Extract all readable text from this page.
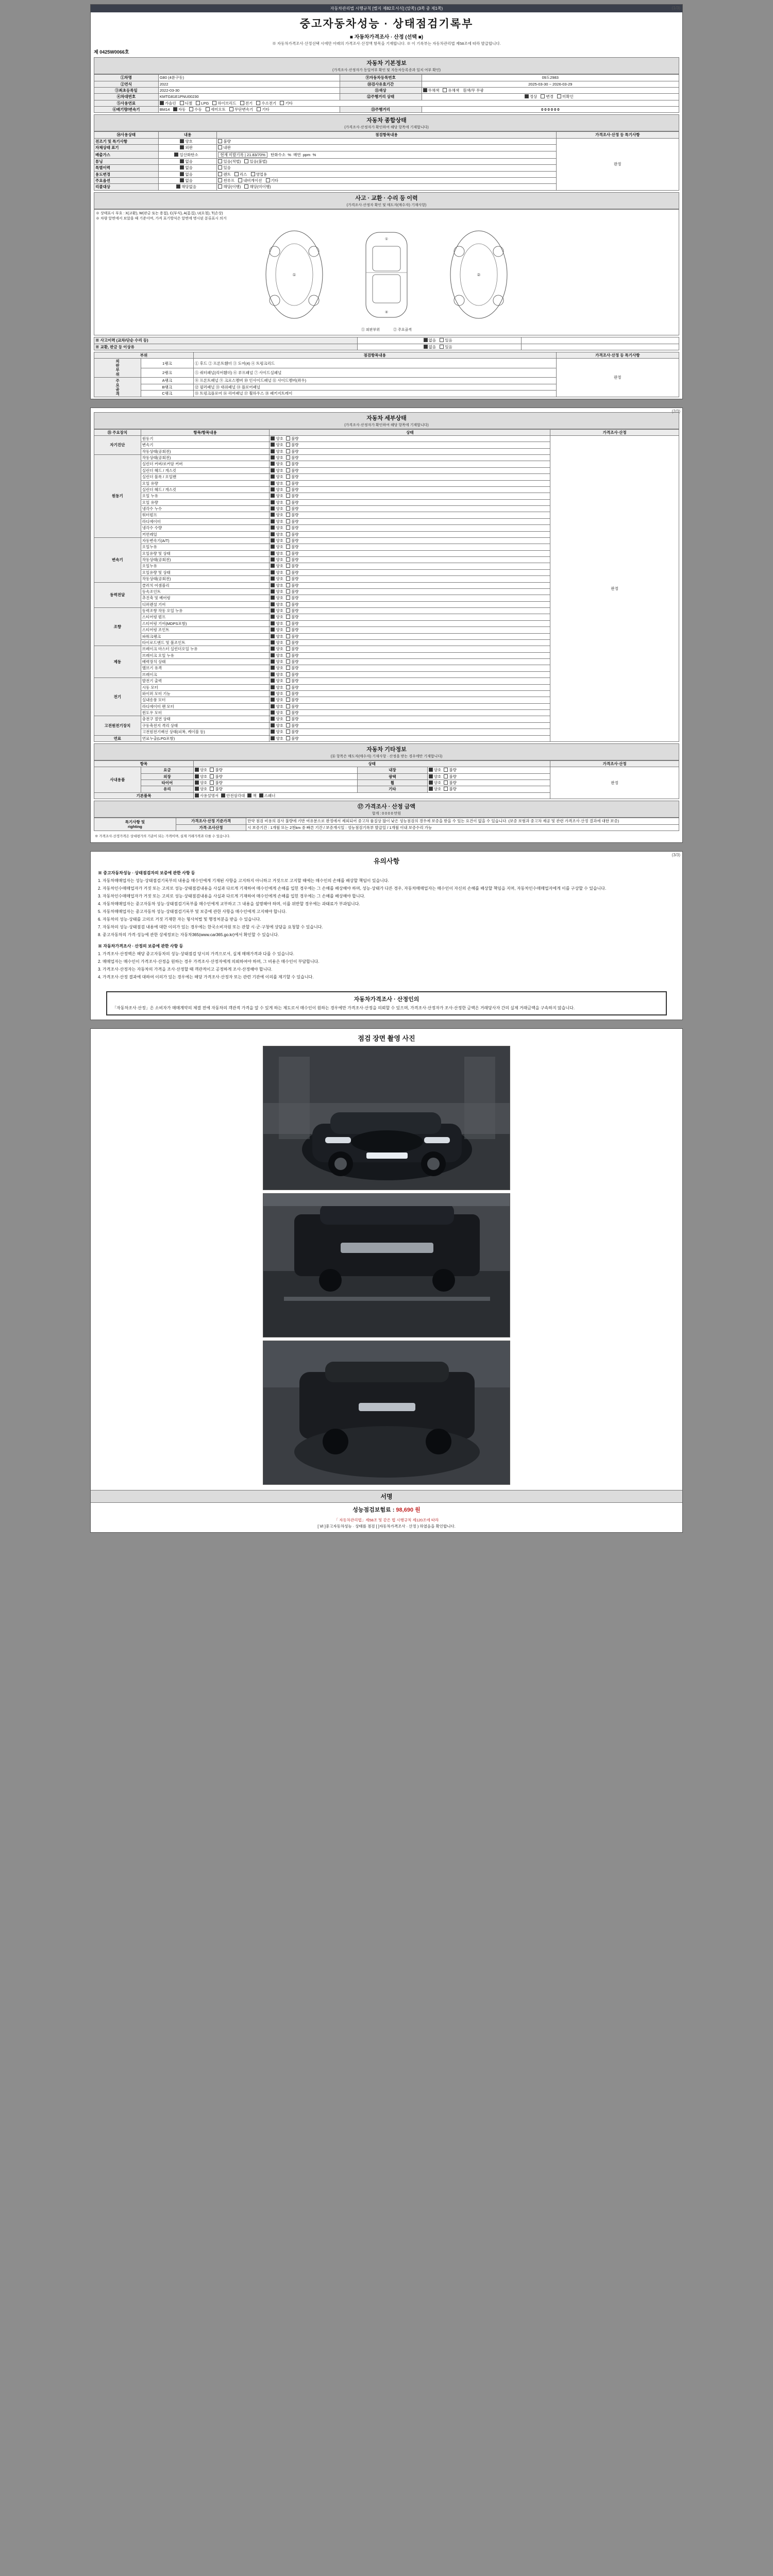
(1/3)
자동차관리법 시행규칙 [별지 제82호서식] (앞쪽) (3쪽 중 제1쪽)
중고자동차성능 · 상태점검기록부
■ 자동차가격조사 · 산정 (선택 ■)
※ 자동차가격조사·산정선택 시에만 아래의 가격조사·산정액 항목을 기재합니다. ※ 이 기록부는 자동차관리법 제58조에 따라 발급합니다.
제 0425W0066호
자동차 기본정보
(가격조사·산정자가 동일여부 확인 및 자동차등록증과 일치 여부 확인)
①차명	G80 (4륜구동)	⑨자동차등록번호	09도2983
②연식	2022	⑩검사유효기간	2025-03-30 ~ 2026-03-29
③최초등록일	2022-03-30	⑪색상	무채색 유채색 흰색/무 무광
④차대번호	KMTG81E1PNU00230	⑫주행거리 상태	정상 변경 미확인
⑤사용연료	가솔린 디젤 LPG 하이브리드 전기 수소전기 기타		
⑥배기량/변속기	BM14 자동 수동 세미오토 무단변속기 기타	⑬주행거리	0 0 0 0 0 0
자동차 종합상태
(가격조사·산정자가 확인하여 해당 항목에 기재합니다)
⑭사용상태	내용	점검항목내용	가격조사·산정 등 특기사항
전조기 및 특기사항	양호	불량	판정
자체상태 표기	외판	내판	
배출가스	일산화탄소	현재 미발기록 | 21.83/70% 탄화수소  %  매연  ppm  %	
튜닝	없음	있음(적법) 있음(불법)	
특별이력	없음	있음	
용도변경	없음	렌트 리스 영업용	
주요옵션	없음	썬루프 내비게이션 기타	
리콜대상	해당없음	해당(이행) 해당(미이행)	
사고 · 교환 · 수리 등 이력
(가격조사·산정자 확인 및 매도자(매수자) 기재사항)
※ 상태표시 부호 : X(교환), W(판금 또는 용접), C(부식), A(흠집), U(요철), T(손상)
※ 차량 앞면에서 보았을 때 기준이며, 가격 표기방식은 앞면에 명시된 분류표시 의거
①
①
④
②
① 외판부위	② 주요골격
※ 사고이력 (교차/단순 수리 등)	없음 있음	
※ 교환, 판금 등 이상유	없음 있음	
부위		점검항목내용	가격조사·산정 등 특기사항
외판부위	1랭크	① 후드 ② 프론트휀더 ③ 도어(4) ④ 트렁크리드	판정
	2랭크	⑤ 쿼터패널(리어휀더) ⑥ 루프패널 ⑦ 사이드실패널	
주요골격	A랭크	⑧ 프론트패널 ⑨ 크로스멤버 ⑩ 인사이드패널 ⑪ 사이드멤버(좌우)	
	B랭크	⑫ 필러패널 ⑬ 대쉬패널 ⑭ 플로어패널	
	C랭크	⑮ 트렁크플로어 ⑯ 리어패널 ⑰ 휠하우스 ⑱ 패키지트레이	
(2/3)
자동차 세부상태
(가격조사·산정자가 확인하여 해당 항목에 기재합니다)
⑮ 주요장치	항목/항목내용	상태	가격조사·산정
자기진단	원동기	양호 불량	판정
	변속기	양호 불량	
	작동상태(공회전)	양호 불량	
원동기	작동상태(공회전)	양호 불량	
	실린더 커버/로커암 커버	양호 불량	
	실린더 헤드 / 개스킷	양호 불량	
	실린더 블록 / 오일팬	양호 불량	
	오일 유량	양호 불량	
	실린더 헤드 / 개스킷	양호 불량	
	오일 누유	양호 불량	
	오일 유량	양호 불량	
	냉각수 누수	양호 불량	
	워터펌프	양호 불량	
	라디에이터	양호 불량	
	냉각수 수량	양호 불량	
	커먼레일	양호 불량	
변속기	자동변속기(A/T)	양호 불량	
	오일누유	양호 불량	
	오일유량 및 상태	양호 불량	
	작동상태(공회전)	양호 불량	
	오일누유	양호 불량	
	오일유량 및 상태	양호 불량	
	작동상태(공회전)	양호 불량	
동력전달	클러치 어셈블리	양호 불량	
	등속조인트	양호 불량	
	추진축 및 베어링	양호 불량	
	디퍼렌셜 기어	양호 불량	
조향	동력조향 작동 오일 누유	양호 불량	
	스티어링 펌프	양호 불량	
	스티어링 기어(MDPS포함)	양호 불량	
	스티어링 조인트	양호 불량	
	파워크랭크	양호 불량	
	타이로드엔드 및 볼조인트	양호 불량	
제동	브레이크 마스터 실린더오일 누유	양호 불량	
	브레이크 오일 누유	양호 불량	
	배력장치 상태	양호 불량	
	밸브기 유격	양호 불량	
	브레이크	양호 불량	
전기	발전기 출력	양호 불량	
	시동 모터	양호 불량	
	와이퍼 모터 기능	양호 불량	
	실내송풍 모터	양호 불량	
	라디에이터 팬 모터	양호 불량	
	윈도우 모터	양호 불량	
고전원전기장치	충전구 절연 상태	양호 불량	
	구동축전지 격리 상태	양호 불량	
	고전원전기배선 상태(피복, 케이블 등)	양호 불량	
연료	연료누출(LPG포함)	양호 불량	
자동차 기타정보
(⑯ 항목은 매도자(매수자) 기재사항 · 산정을 받는 경우에만 기재합니다)
항목		상태			가격조사·산정
사내용품	요금	양호 불량	내장	양호 불량	판정
	외장	양호 불량	광택	양호 불량	
	타이어	양호 불량	휠	양호 불량	
	유리	양호 불량	기타	양호 불량	
기본품목		사용설명서 안전삼각대 잭 스패너			
⑰ 가격조사 · 산정 금액
합계 : 0 0 0 0 만원
특기사항 및
righting	가격조사·산정 기준가격	만약 점검 비용의 검사 불량에 기반 여유분으로 판정에서 제외되어 중고차 품질상 많이 낮은 성능점검의 경우에 보증을 받을 수 있는 요건이 없을 수 있습니다. (보증 보험과 중고차 제공 및 관련 가격조사·산정 결과에 대한 보증)
	가격·조사산정	시 보증기간 : 1개월 또는 2천km 중 빠른 기간 / 보증개시일 : 성능점검기록부 발급일 / 1개월 이내 보증수리 가능
※ 가격조사·산정가격은 상대평가의 기준이 되는 가격이며, 실제 거래가격과 다를 수 있습니다.
(3/3)
유의사항

※ 중고자동차성능 · 상태점검자의 보증에 관한 사항 등

1. 자동차매매업자는 성능·상태점검기록부의 내용을 매수인에게 기재된 사항을 고지하지 아니하고 거짓으로 고지할 때에는 매수인의 손해를 배상할 책임이 있습니다.

2. 자동차인수매매업자가 거짓 또는 고의로 성능·상태점검내용을 사실과 다르게 기재하여 매수인에게 손해를 입힌 경우에는 그 손해를 배상해야 하며, 성능·상태가 다른 경우, 자동차매매업자는 매수인이 자신의 손해를 배상할 책임을 지며, 자동차인수매매업자에게 이를 구상할 수 있습니다.

3. 자동차인수매매업자가 거짓 또는 고의로 성능·상태점검내용을 사실과 다르게 기재하여 매수인에게 손해를 입힌 경우에는 그 손해를 배상해야 합니다.

4. 자동차매매업자는 중고자동차 성능·상태점검기록부를 매수인에게 교부하고 그 내용을 설명해야 하며, 이를 위반할 경우에는 과태료가 부과됩니다.

5. 자동차매매업자는 중고자동차 성능·상태점검기록부 및 보증에 관한 사항을 매수인에게 고지해야 합니다.

6. 자동차의 성능·상태를 고의로 거짓 기재한 자는 형사처벌 및 행정처분을 받을 수 있습니다.

7. 자동차의 성능·상태점검 내용에 대한 이의가 있는 경우에는 한국소비자원 또는 관할 시·군·구청에 상담을 요청할 수 있습니다.

8. 중고자동차의 가격·성능에 관한 상세정보는 자동차365(www.car365.go.kr)에서 확인할 수 있습니다.

※ 자동차가격조사 · 산정의 보증에 관한 사항 등

1. 가격조사·산정액은 해당 중고자동차의 성능·상태점검 당시의 가격으로서, 실제 매매가격과 다를 수 있습니다.

2. 매매업자는 매수인이 가격조사·산정을 원하는 경우 가격조사·산정자에게 의뢰하여야 하며, 그 비용은 매수인이 부담합니다.

3. 가격조사·산정자는 자동차의 가격을 조사·산정할 때 객관적이고 공정하게 조사·산정해야 합니다.

4. 가격조사·산정 결과에 대하여 이의가 있는 경우에는 해당 가격조사·산정자 또는 관련 기관에 이의를 제기할 수 있습니다.

자동차가격조사 · 산정인의
「자동차조사·산정」은 소비자가 매매계약의 체결 전에 자동차의 객관적 가격을 알 수 있게 하는 제도로서 매수인이 원하는 경우에만 가격조사·산정을 의뢰할 수 있으며, 가격조사·산정자가 조사·산정한 금액은 거래당사자 간의 실제 거래금액을 구속하지 않습니다.
점검 장면 촬영 사진
서명
성능점검보험료 : 98,690 원
「 자동차관리법」제58조 및 같은 법 시행규칙 제120조에 따라
[ ⅤⅠ ]중고자동차성능 · 상태를 점검 [ ]자동차가격조사 · 산정 ) 하였음을 확인합니다.
